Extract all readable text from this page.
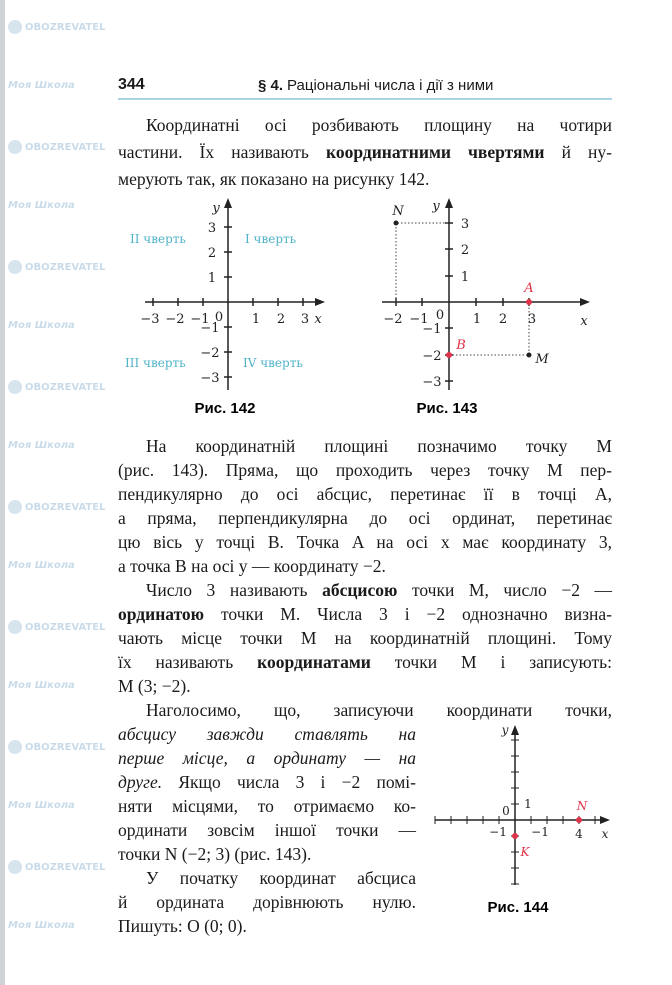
OBOZREVATEL
Моя Школа
OBOZREVATEL
Моя Школа
OBOZREVATEL
Моя Школа
OBOZREVATEL
Моя Школа
OBOZREVATEL
Моя Школа
OBOZREVATEL
Моя Школа
OBOZREVATEL
Моя Школа
OBOZREVATEL
Моя Школа
344	§ 4. Раціональні числа і дії з ними
Координатні осі розбивають площину на чотири
частини. Їх називають координатними чвертями й ну-
мерують так, як показано на рисунку 142.
−3 −2 −1	1 2 3
0
3
2
1
−1
−2
−3
x
y
I чверть
II чверть
III чверть	IV чверть
Рис. 142
−2 −1	1 2 3
0
3
2
1
−1
−2
−3
x
y
N
M
A
B
Рис. 143
На координатній площині позначимо точку M
(рис. 143). Пряма, що проходить через точку M пер-
пендикулярно до осі абсцис, перетинає її в точці A,
а пряма, перпендикулярна до осі ординат, перетинає
цю вісь у точці B. Точка A на осі x має координату 3,
а точка B на осі y — координату −2.
Число 3 називають абсцисою точки M, число −2 —
ординатою точки M. Числа 3 і −2 однозначно визна-
чають місце точки M на координатній площині. Тому
їх називають координатами точки M і записують:
M (3; −2).
Наголосимо, що, записуючи координати точки,
абсцису завжди ставлять на
перше місце, а ординату — на
друге. Якщо числа 3 і −2 помі-
няти місцями, то отримаємо ко-
ординати зовсім іншої точки —
точки N (−2; 3) (рис. 143).
У початку координат абсциса
й ордината дорівнюють нулю.
Пишуть: O (0; 0).
0 1
−1 −1 4 x
y
N
K
Рис. 144
